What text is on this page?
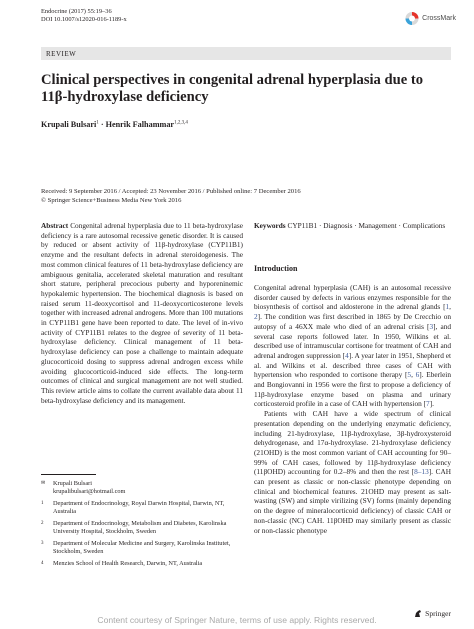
Endocrine (2017) 55:19–36
DOI 10.1007/s12020-016-1189-x	CrossMark
REVIEW
Clinical perspectives in congenital adrenal hyperplasia due to 11β-hydroxylase deficiency
Krupali Bulsari$^1$ · Henrik Falhammar$^{1,2,3,4}$
Received: 9 September 2016 / Accepted: 23 November 2016 / Published online: 7 December 2016
© Springer Science+Business Media New York 2016
Abstract Congenital adrenal hyperplasia due to 11 beta-hydroxylase deficiency is a rare autosomal recessive genetic disorder. It is caused by reduced or absent activity of 11β-hydroxylase (CYP11B1) enzyme and the resultant defects in adrenal steroidogenesis. The most common clinical features of 11 beta-hydroxylase deficiency are ambiguous genitalia, accelerated skeletal maturation and resultant short stature, peripheral precocious puberty and hyporeninemic hypokalemic hypertension. The biochemical diagnosis is based on raised serum 11-deoxycortisol and 11-deoxycorticosterone levels together with increased adrenal androgens. More than 100 mutations in CYP11B1 gene have been reported to date. The level of in-vivo activity of CYP11B1 relates to the degree of severity of 11 beta-hydroxylase deficiency. Clinical management of 11 beta-hydroxylase deficiency can pose a challenge to maintain adequate glucocorticoid dosing to suppress adrenal androgen excess while avoiding glucocorticoid-induced side effects. The long-term outcomes of clinical and surgical management are not well studied. This review article aims to collate the current available data about 11 beta-hydroxylase deficiency and its management.
Keywords CYP11B1 · Diagnosis · Management · Complications
Introduction

Congenital adrenal hyperplasia (CAH) is an autosomal recessive disorder caused by defects in various enzymes responsible for the biosynthesis of cortisol and aldosterone in the adrenal glands [1, 2]. The condition was first described in 1865 by De Crecchio on autopsy of a 46XX male who died of an adrenal crisis [3], and several case reports followed later. In 1950, Wilkins et al. described use of intramuscular cortisone for treatment of CAH and adrenal androgen suppression [4]. A year later in 1951, Shepherd et al. and Wilkins et al. described three cases of CAH with hypertension who responded to cortisone therapy [5, 6]. Eberlein and Bongiovanni in 1956 were the first to propose a deficiency of 11β-hydroxylase enzyme based on plasma and urinary corticosteroid profile in a case of CAH with hypertension [7].

Patients with CAH have a wide spectrum of clinical presentation depending on the underlying enzymatic deficiency, including 21-hydroxylase, 11β-hydroxylase, 3β-hydroxysteroid dehydrogenase, and 17α-hydroxylase. 21-hydroxylase deficiency (21OHD) is the most common variant of CAH accounting for 90–99% of CAH cases, followed by 11β-hydroxylase deficiency (11βOHD) accounting for 0.2–8% and then the rest [8–13]. CAH can present as classic or non-classic phenotype depending on clinical and biochemical features. 21OHD may present as salt-wasting (SW) and simple virilizing (SV) forms (mainly depending on the degree of mineralocorticoid deficiency) of classic CAH or non-classic (NC) CAH. 11βOHD may similarly present as classic or non-classic phenotype

✉	Krupali Bulsari
krupalibulsari@hotmail.com
1	Department of Endocrinology, Royal Darwin Hospital, Darwin, NT, Australia
2	Department of Endocrinology, Metabolism and Diabetes, Karolinska University Hospital, Stockholm, Sweden
3	Department of Molecular Medicine and Surgery, Karolinska Institutet, Stockholm, Sweden
4	Menzies School of Health Research, Darwin, NT, Australia
Springer
Content courtesy of Springer Nature, terms of use apply. Rights reserved.
